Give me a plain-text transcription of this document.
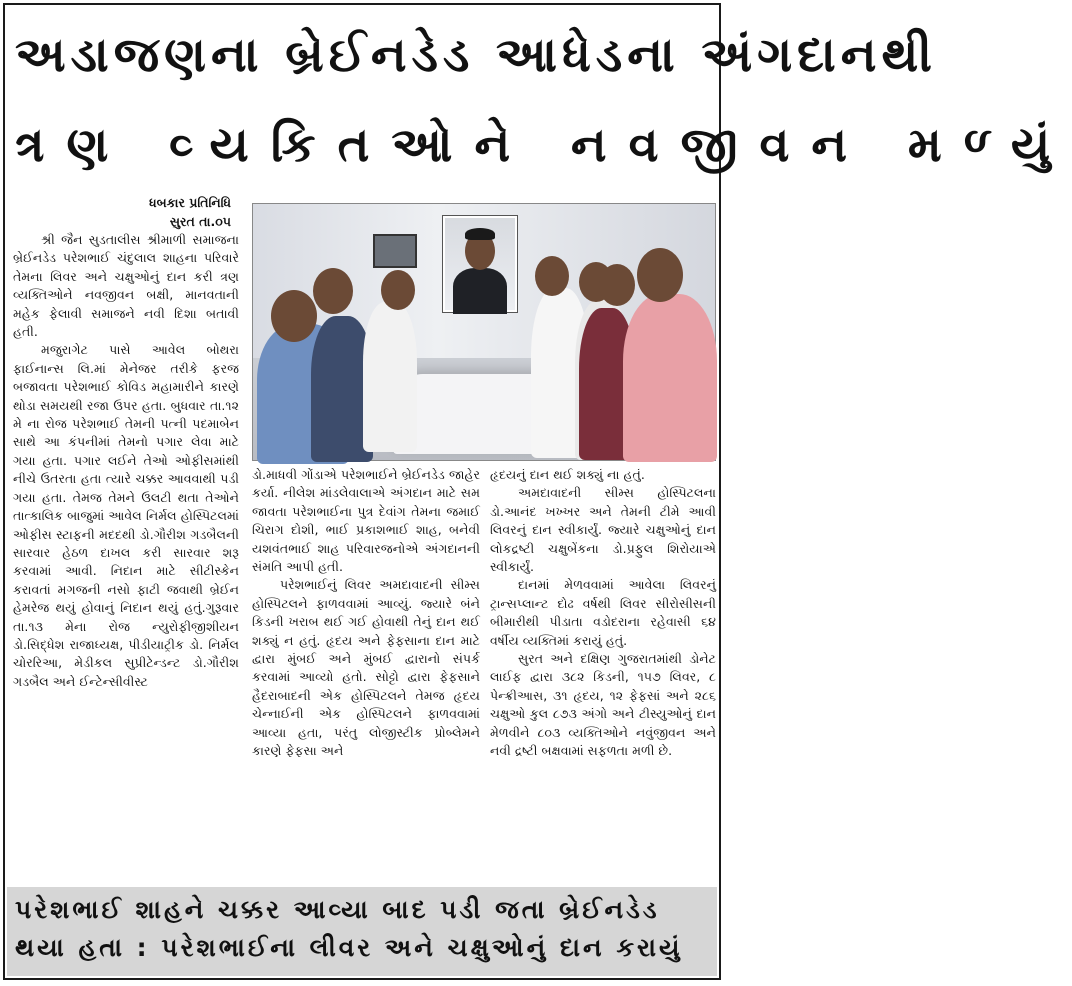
અડાજણના બ્રેઈનડેડ આધેડના અંગદાનથી
ત્રણ વ્યકિતઓને નવજીવન મળ્યું
ધબકાર પ્રતિનિધિ
સુરત તા.૦૫

શ્રી જૈન સુડતાલીસ શ્રીમાળી સમાજના બ્રેઈનડેડ પરેશભાઈ ચંદુલાલ શાહના પરિવારે તેમના લિવર અને ચક્ષુઓનું દાન કરી ત્રણ વ્યક્તિઓને નવજીવન બક્ષી, માનવતાની મહેક ફેલાવી સમાજને નવી દિશા બતાવી હતી.

મજુરાગેટ પાસે આવેલ બોથરા ફાઈનાન્સ લિ.માં મેનેજર તરીકે ફરજ બજાવતા પરેશભાઈ કોવિડ મહામારીને કારણે થોડા સમયથી રજા ઉપર હતા. બુધવાર તા.૧૨ મે ના રોજ પરેશભાઈ તેમની પત્ની પદમાબેન સાથે આ કંપનીમાં તેમનો પગાર લેવા માટે ગયા હતા. પગાર લઈને તેઓ ઓફીસમાંથી નીચે ઉતરતા હતા ત્યારે ચક્કર આવવાથી પડી ગયા હતા. તેમજ તેમને ઉલટી થતા તેઓને તાત્કાલિક બાજુમાં આવેલ નિર્મલ હોસ્પિટલમાં ઓફીસ સ્ટાફની મદદથી ડો.ગૌરીશ ગડબૈલની સારવાર હેઠળ દાખલ કરી સારવાર શરૂ કરવામાં આવી. નિદાન માટે સીટીસ્કેન કરાવતાં મગજની નસો ફાટી જવાથી બ્રેઈન હેમરેજ થયું હોવાનું નિદાન થયું હતું.ગુરૂવાર તા.૧૩ મેના રોજ ન્યુરોફીજીશીયન ડો.સિદ્ધેશ રાજાધ્યક્ષ, પીડીયાટ્રીક ડો. નિર્મલ ચોરરિઆ, મેડીકલ સુપ્રીટેન્ડન્ટ ડો.ગૌરીશ ગડબૈલ અને ઈન્ટેન્સીવીસ્ટ

ડો.માધવી ગોંડાએ પરેશભાઈને બ્રેઈનડેડ જાહેર કર્યા. નીલેશ માંડલેવાલાએ અંગદાન માટે સમ જાવતા પરેશભાઈના પુત્ર દેવાંગ તેમના જમાઈ ચિરાગ દોશી, ભાઈ પ્રકાશભાઈ શાહ, બનેવી યશવંતભાઈ શાહ પરિવારજનોએ અંગદાનની સંમતિ આપી હતી.

પરેશભાઈનું લિવર અમદાવાદની સીમ્સ હોસ્પિટલને ફાળવવામાં આવ્યું. જ્યારે બંને કિડની ખરાબ થઈ ગઈ હોવાથી તેનું દાન થઈ શક્યું ન હતું. હૃદય અને ફેફસાના દાન માટે દ્વારા મુંબઈ અને મુંબઈ દ્વારાનો સંપર્ક કરવામાં આવ્યો હતો. સોટ્ટો દ્વારા ફેફસાને હૈદરાબાદની એક હોસ્પિટલને તેમજ હૃદય ચેન્નાઈની એક હોસ્પિટલને ફાળવવામાં આવ્યા હતા, પરંતુ લોજીસ્ટીક પ્રોબ્લેમને કારણે ફેફસા અને

હૃદયનું દાન થઈ શક્યું ના હતું.

અમદાવાદની સીમ્સ હોસ્પિટલના ડો.આનંદ ખખ્ખર અને તેમની ટીમે આવી લિવરનું દાન સ્વીકાર્યું. જ્યારે ચક્ષુઓનું દાન લોકદ્રષ્ટી ચક્ષુબેંકના ડો.પ્રફુલ શિરોયાએ સ્વીકાર્યું.

દાનમાં મેળવવામાં આવેલા લિવરનું ટ્રાન્સપ્લાન્ટ દોઢ વર્ષથી લિવર સીરોસીસની બીમારીથી પીડાતા વડોદરાના રહેવાસી ૬૪ વર્ષીય વ્યક્તિમાં કરાયું હતું.

સુરત અને દક્ષિણ ગુજરાતમાંથી ડોનેટ લાઈફ દ્વારા ૩૮૨ કિડની, ૧૫૭ લિવર, ૮ પેન્ક્રીઆસ, ૩૧ હૃદય, ૧૨ ફેફસાં અને ૨૮૬ ચક્ષુઓ કુલ ૮૭૩ અંગો અને ટીસ્યુઓનું દાન મેળવીને ૮૦૩ વ્યક્તિઓને નવુંજીવન અને નવી દ્રષ્ટી બક્ષવામાં સફળતા મળી છે.

પરેશભાઈ શાહને ચક્કર આવ્યા બાદ પડી જતા બ્રેઈનડેડ
થયા હતા : પરેશભાઈના લીવર અને ચક્ષુઓનું દાન કરાયું
